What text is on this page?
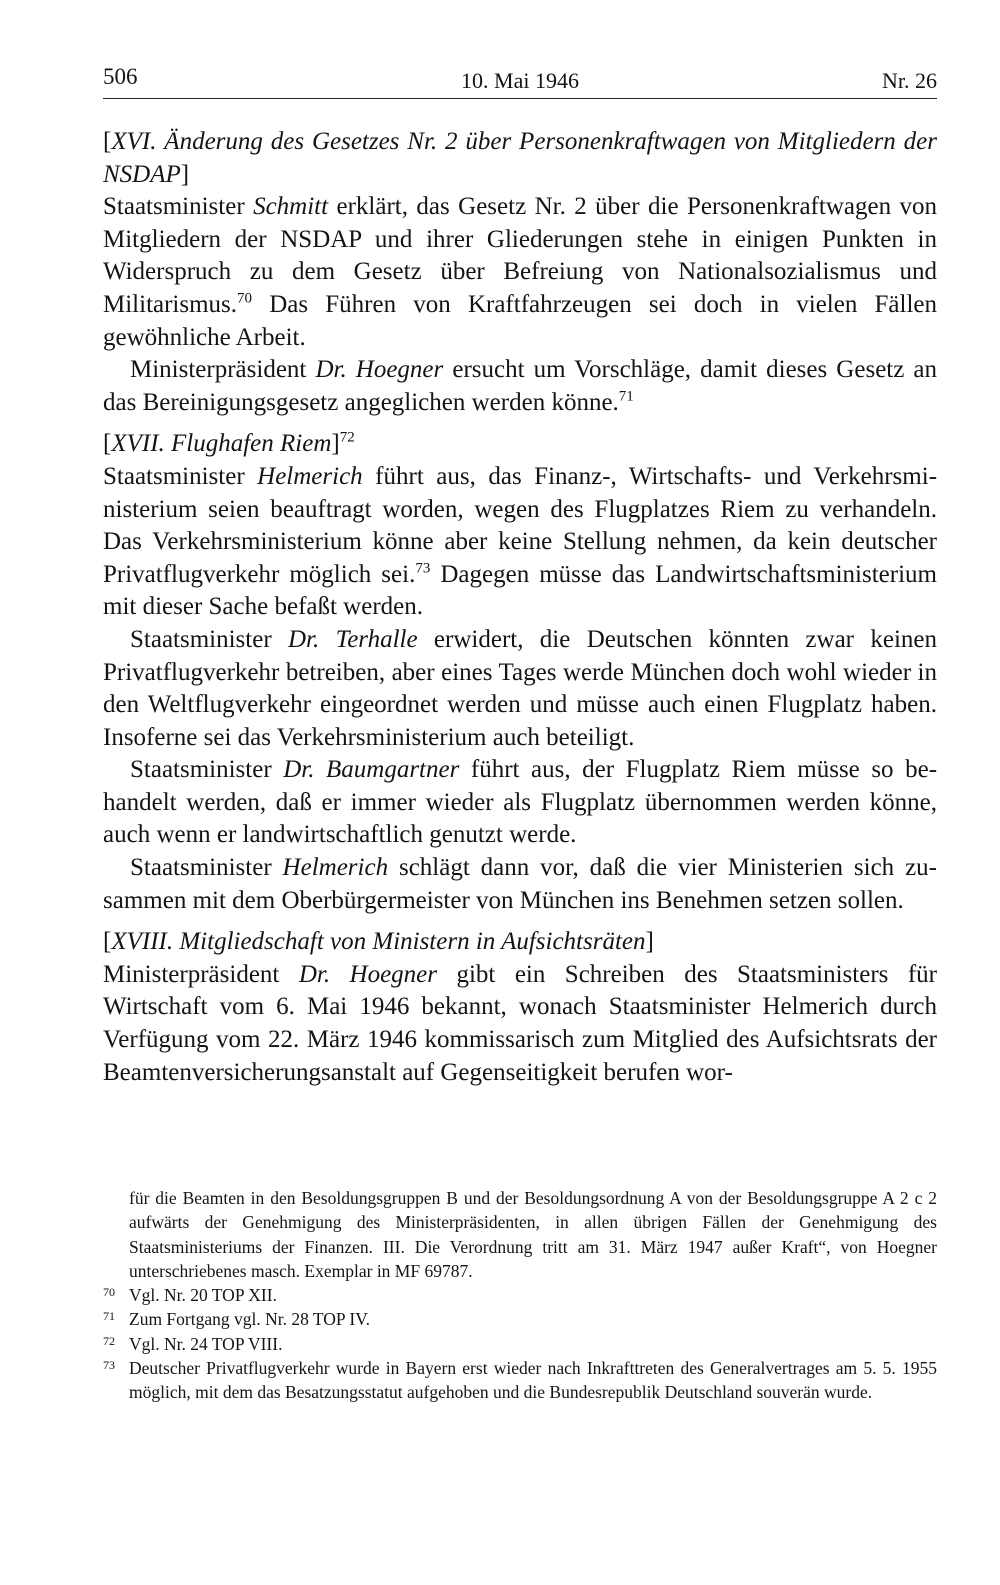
506	10. Mai 1946	Nr. 26

[XVI. Änderung des Gesetzes Nr. 2 über Personenkraftwagen von Mitgliedern der NSDAP]

Staatsminister Schmitt erklärt, das Gesetz Nr. 2 über die Personenkraftwagen von Mitgliedern der NSDAP und ihrer Gliederungen stehe in einigen Punkten in Widerspruch zu dem Gesetz über Befreiung von Nationalsozialismus und Militarismus.$^{70}$ Das Führen von Kraftfahrzeugen sei doch in vielen Fällen gewöhnliche Arbeit.

Ministerpräsident Dr. Hoegner ersucht um Vorschläge, damit dieses Gesetz an das Bereinigungsgesetz angeglichen werden könne.$^{71}$

[XVII. Flughafen Riem]$^{72}$

Staatsminister Helmerich führt aus, das Finanz-, Wirtschafts- und Verkehrsministerium seien beauftragt worden, wegen des Flugplatzes Riem zu verhandeln. Das Verkehrsministerium könne aber keine Stellung nehmen, da kein deutscher Privatflugverkehr möglich sei.$^{73}$ Dagegen müsse das Landwirtschaftsministerium mit dieser Sache befaßt werden.

Staatsminister Dr. Terhalle erwidert, die Deutschen könnten zwar keinen Privatflugverkehr betreiben, aber eines Tages werde München doch wohl wieder in den Weltflugverkehr eingeordnet werden und müsse auch einen Flugplatz haben. Insoferne sei das Verkehrsministerium auch beteiligt.

Staatsminister Dr. Baumgartner führt aus, der Flugplatz Riem müsse so behandelt werden, daß er immer wieder als Flugplatz übernommen werden könne, auch wenn er landwirtschaftlich genutzt werde.

Staatsminister Helmerich schlägt dann vor, daß die vier Ministerien sich zusammen mit dem Oberbürgermeister von München ins Benehmen setzen sollen.

[XVIII. Mitgliedschaft von Ministern in Aufsichtsräten]

Ministerpräsident Dr. Hoegner gibt ein Schreiben des Staatsministers für Wirtschaft vom 6. Mai 1946 bekannt, wonach Staatsminister Helmerich durch Verfügung vom 22. März 1946 kommissarisch zum Mitglied des Aufsichtsrats der Beamtenversicherungsanstalt auf Gegenseitigkeit berufen wor-

für die Beamten in den Besoldungsgruppen B und der Besoldungsordnung A von der Besoldungsgruppe A 2 c 2 aufwärts der Genehmigung des Ministerpräsidenten, in allen übrigen Fällen der Genehmigung des Staatsministeriums der Finanzen. III. Die Verordnung tritt am 31. März 1947 außer Kraft“, von Hoegner unterschriebenes masch. Exemplar in MF 69787.

70 Vgl. Nr. 20 TOP XII.

71 Zum Fortgang vgl. Nr. 28 TOP IV.

72 Vgl. Nr. 24 TOP VIII.

73 Deutscher Privatflugverkehr wurde in Bayern erst wieder nach Inkrafttreten des Generalvertrages am 5. 5. 1955 möglich, mit dem das Besatzungsstatut aufgehoben und die Bundesrepublik Deutschland souverän wurde.
